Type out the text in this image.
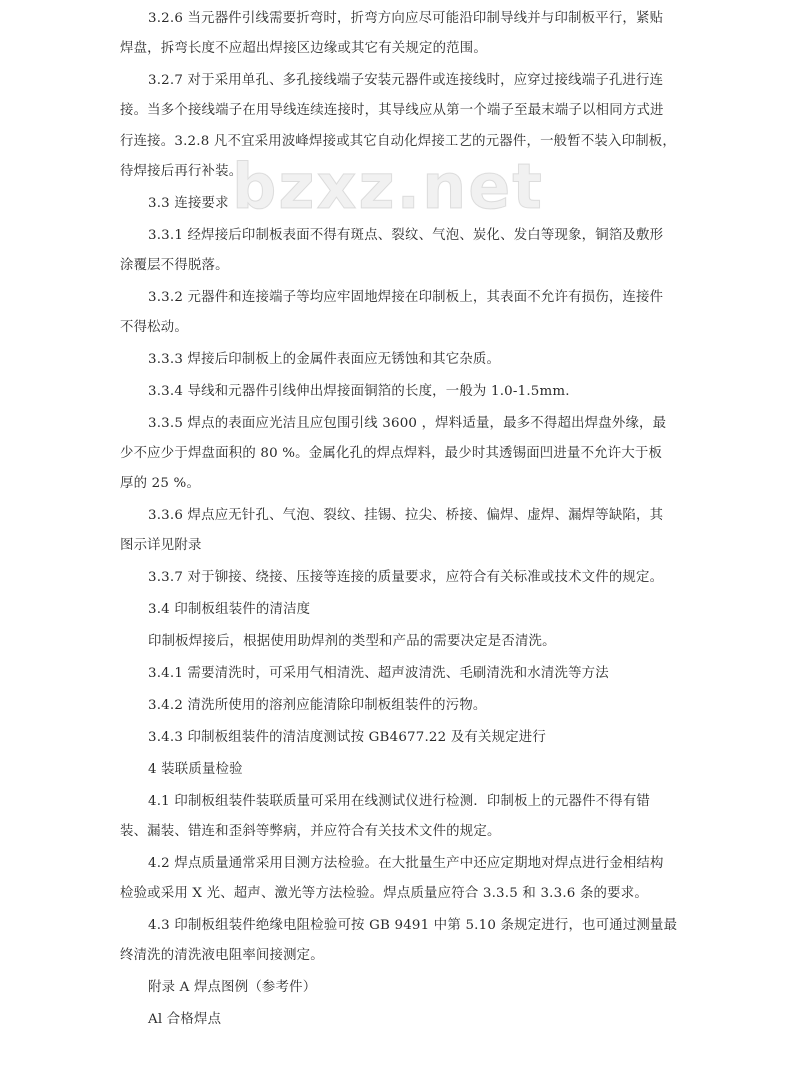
bzxz.net
3.2.6 当元器件引线需要折弯时，折弯方向应尽可能沿印制导线并与印制板平行，紧贴
焊盘，拆弯长度不应超出焊接区边缘或其它有关规定的范围。
3.2.7 对于采用单孔、多孔接线端子安装元器件或连接线时，应穿过接线端子孔进行连
接。当多个接线端子在用导线连续连接时，其导线应从第一个端子至最末端子以相同方式进
行连接。3.2.8 凡不宜采用波峰焊接或其它自动化焊接工艺的元器件，一般暂不装入印制板，
待焊接后再行补装。
3.3 连接要求
3.3.1 经焊接后印制板表面不得有斑点、裂纹、气泡、炭化、发白等现象，铜箔及敷形
涂覆层不得脱落。
3.3.2 元器件和连接端子等均应牢固地焊接在印制板上，其表面不允许有损伤，连接件
不得松动。
3.3.3 焊接后印制板上的金属件表面应无锈蚀和其它杂质。
3.3.4 导线和元器件引线伸出焊接面铜箔的长度，一般为 1.0-1.5mm.
3.3.5 焊点的表面应光洁且应包围引线 3600 ，焊料适量，最多不得超出焊盘外缘，最
少不应少于焊盘面积的 80 %。金属化孔的焊点焊料，最少时其透锡面凹进量不允许大于板
厚的 25 %。
3.3.6 焊点应无针孔、气泡、裂纹、挂锡、拉尖、桥接、偏焊、虚焊、漏焊等缺陷，其
图示详见附录
3.3.7 对于铆接、绕接、压接等连接的质量要求，应符合有关标准或技术文件的规定。
3.4 印制板组装件的清洁度
印制板焊接后，根据使用助焊剂的类型和产品的需要决定是否清洗。
3.4.1 需要清洗时，可采用气相清洗、超声波清洗、毛刷清洗和水清洗等方法
3.4.2 清洗所使用的溶剂应能清除印制板组装件的污物。
3.4.3 印制板组装件的清洁度测试按 GB4677.22 及有关规定进行
4 装联质量检验
4.1 印制板组装件装联质量可采用在线测试仪进行检测．印制板上的元器件不得有错
装、漏装、错连和歪斜等弊病，并应符合有关技术文件的规定。
4.2 焊点质量通常采用目测方法检验。在大批量生产中还应定期地对焊点进行金相结构
检验或采用 X 光、超声、激光等方法检验。焊点质量应符合 3.3.5 和 3.3.6 条的要求。
4.3 印制板组装件绝缘电阻检验可按 GB 9491 中第 5.10 条规定进行，也可通过测量最
终清洗的清洗液电阻率间接测定。
附录 A 焊点图例（参考件）
Al 合格焊点
